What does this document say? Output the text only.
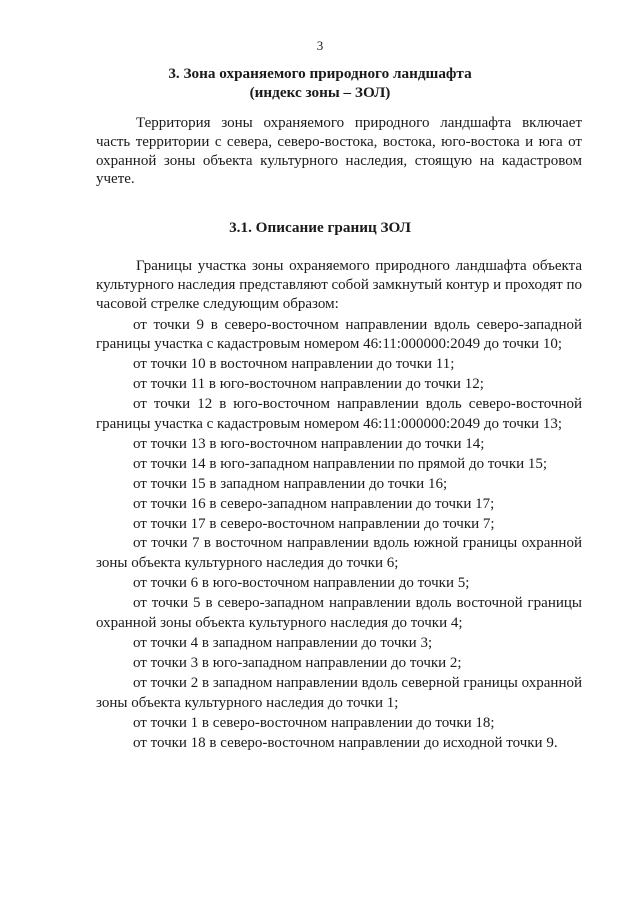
3
3. Зона охраняемого природного ландшафта
(индекс зоны – ЗОЛ)

Территория зоны охраняемого природного ландшафта включает часть территории с севера, северо-востока, востока, юго-востока и юга от охранной зоны объекта культурного наследия, стоящую на кадастровом учете.

3.1. Описание границ ЗОЛ

Границы участка зоны охраняемого природного ландшафта объекта культурного наследия представляют собой замкнутый контур и проходят по часовой стрелке следующим образом:

от точки 9 в северо-восточном направлении вдоль северо-западной границы участка с кадастровым номером 46:11:000000:2049 до точки 10;
от точки 10 в восточном направлении до точки 11;
от точки 11 в юго-восточном направлении до точки 12;
от точки 12 в юго-восточном направлении вдоль северо-восточной границы участка с кадастровым номером 46:11:000000:2049 до точки 13;
от точки 13 в юго-восточном направлении до точки 14;
от точки 14 в юго-западном направлении по прямой до точки 15;
от точки 15 в западном направлении до точки 16;
от точки 16 в северо-западном направлении до точки 17;
от точки 17 в северо-восточном направлении до точки 7;
от точки 7 в восточном направлении вдоль южной границы охранной зоны объекта культурного наследия до точки 6;
от точки 6 в юго-восточном направлении до точки 5;
от точки 5 в северо-западном направлении вдоль восточной границы охранной зоны объекта культурного наследия до точки 4;
от точки 4 в западном направлении до точки 3;
от точки 3 в юго-западном направлении до точки 2;
от точки 2 в западном направлении вдоль северной границы охранной зоны объекта культурного наследия до точки 1;
от точки 1 в северо-восточном направлении до точки 18;
от точки 18 в северо-восточном направлении до исходной точки 9.
